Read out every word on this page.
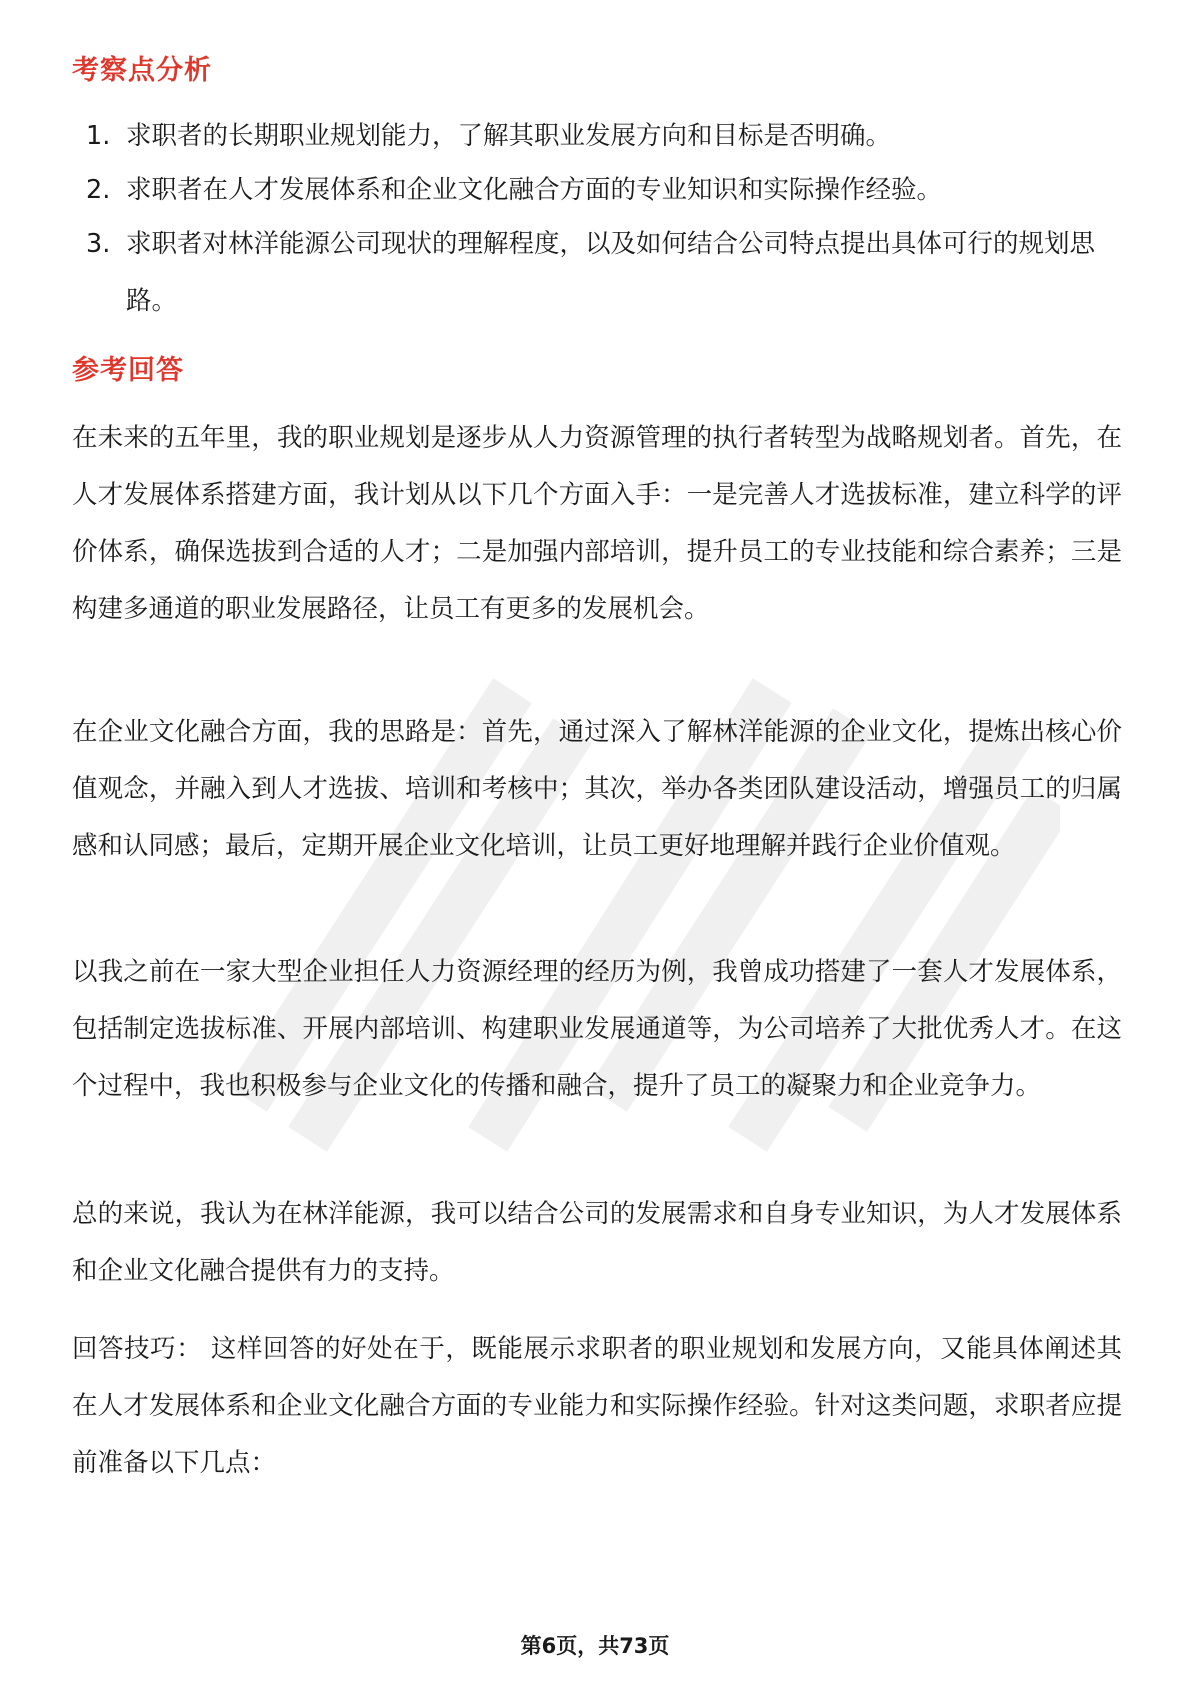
考察点分析
1. 求职者的长期职业规划能力，了解其职业发展方向和目标是否明确。
2. 求职者在人才发展体系和企业文化融合方面的专业知识和实际操作经验。
3. 求职者对林洋能源公司现状的理解程度，以及如何结合公司特点提出具体可行的规划思路。
参考回答
在未来的五年里，我的职业规划是逐步从人力资源管理的执行者转型为战略规划者。首先，在人才发展体系搭建方面，我计划从以下几个方面入手：一是完善人才选拔标准，建立科学的评价体系，确保选拔到合适的人才；二是加强内部培训，提升员工的专业技能和综合素养；三是构建多通道的职业发展路径，让员工有更多的发展机会。
在企业文化融合方面，我的思路是：首先，通过深入了解林洋能源的企业文化，提炼出核心价值观念，并融入到人才选拔、培训和考核中；其次，举办各类团队建设活动，增强员工的归属感和认同感；最后，定期开展企业文化培训，让员工更好地理解并践行企业价值观。
以我之前在一家大型企业担任人力资源经理的经历为例，我曾成功搭建了一套人才发展体系，包括制定选拔标准、开展内部培训、构建职业发展通道等，为公司培养了大批优秀人才。在这个过程中，我也积极参与企业文化的传播和融合，提升了员工的凝聚力和企业竞争力。
总的来说，我认为在林洋能源，我可以结合公司的发展需求和自身专业知识，为人才发展体系和企业文化融合提供有力的支持。
回答技巧： 这样回答的好处在于，既能展示求职者的职业规划和发展方向，又能具体阐述其在人才发展体系和企业文化融合方面的专业能力和实际操作经验。针对这类问题，求职者应提前准备以下几点：
第6页，共73页
